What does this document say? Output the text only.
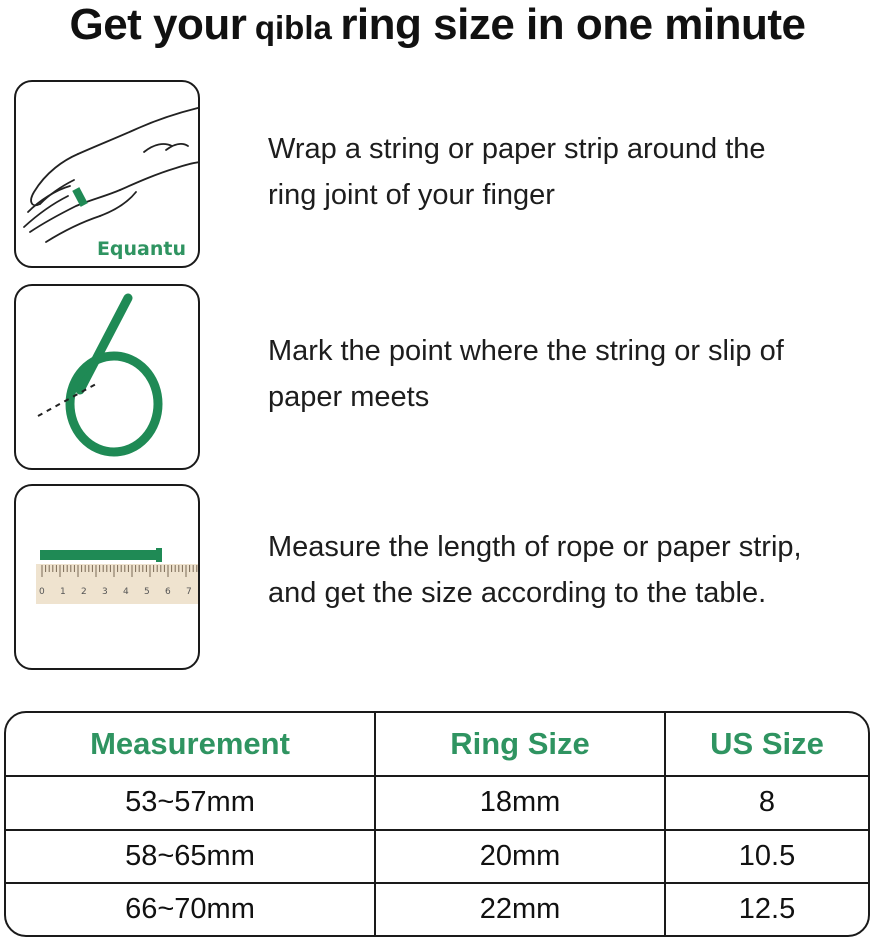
Get your qibla ring size in one minute
Equantu
Wrap a string or paper strip around the
ring joint of your finger
Mark the point where the string or slip of
paper meets
0 1 2 3 4 5 6 7
Measure the length of rope or paper strip,
and get the size according to the table.
Measurement	Ring Size	US Size
53~57mm	18mm	8
58~65mm	20mm	10.5
66~70mm	22mm	12.5
